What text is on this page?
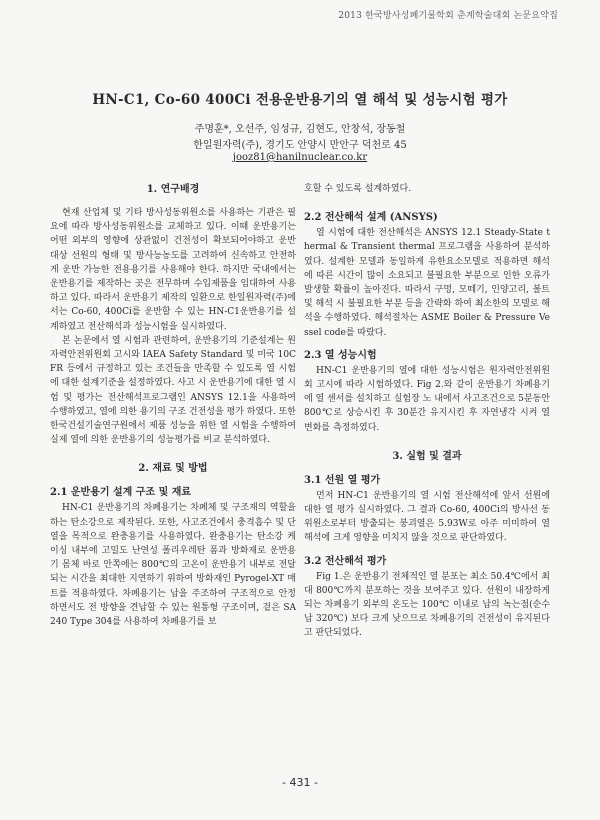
2013 한국방사성폐기물학회 춘계학술대회 논문요약집
HN-C1, Co-60 400Ci 전용운반용기의 열 해석 및 성능시험 평가
주명훈*, 오선주, 임성규, 김현도, 안창석, 장동철
한일원자력(주), 경기도 안양시 만안구 덕천로 45
jooz81@hanilnuclear.co.kr
1. 연구배경

현재 산업체 및 기타 방사성동위원소를 사용하는 기관은 필요에 따라 방사성동위원소를 교체하고 있다. 이때 운반용기는 어떤 외부의 영향에 상관없이 건전성이 확보되어야하고 운반 대상 선원의 형태 및 방사능농도를 고려하여 신속하고 안전하게 운반 가능한 전용용기를 사용해야 한다. 하지만 국내에서는 운반용기를 제작하는 곳은 전무하며 수입제품을 임대하여 사용하고 있다. 따라서 운반용기 제작의 일환으로 한일원자력(주)에서는 Co-60, 400Ci를 운반할 수 있는 HN-C1운반용기를 설계하였고 전산해석과 성능시험을 실시하였다.

본 논문에서 열 시험과 관련하여, 운반용기의 기준설계는 원자력안전위원회 고시와 IAEA Safety Standard 및 미국 10CFR 등에서 규정하고 있는 조건들을 만족할 수 있도록 열 시험에 대한 설계기준을 설정하였다. 사고 시 운반용기에 대한 열 시험 및 평가는 전산해석프로그램인 ANSYS 12.1을 사용하여 수행하였고, 열에 의한 용기의 구조 건전성을 평가 하였다. 또한 한국건설기술연구원에서 제품 성능을 위한 열 시험을 수행하여 실제 열에 의한 운반용기의 성능평가를 비교 분석하였다.

2. 재료 및 방법
2.1 운반용기 설계 구조 및 재료

HN-C1 운반용기의 차폐용기는 차폐체 및 구조재의 역할을 하는 탄소강으로 제작된다. 또한, 사고조건에서 충격흡수 및 단열을 목적으로 완충용기를 사용하였다. 완충용기는 탄소강 케이싱 내부에 고밀도 난연성 폴리우레탄 폼과 방화재로 운반용기 몸체 바로 안쪽에는 800℃의 고온이 운반용기 내부로 전달되는 시간을 최대한 지연하기 위하여 방화재인 Pyrogel-XT 매트를 적용하였다. 차폐용기는 납을 주조하여 구조적으로 안정하면서도 전 방향을 견납할 수 있는 원통형 구조이며, 겉은 SA240 Type 304를 사용하여 차폐용기를 보

호할 수 있도록 설계하였다.

2.2 전산해석 설계 (ANSYS)

열 시험에 대한 전산해석은 ANSYS 12.1 Steady-State thermal & Transient thermal 프로그램을 사용하여 분석하였다. 설계한 모델과 동일하게 유한요소모델로 적용하면 해석에 따른 시간이 많이 소요되고 불필요한 부분으로 인한 오류가 발생할 확률이 높아진다. 따라서 구멍, 모떼기, 인양고리, 볼트 및 해석 시 불필요한 부분 등을 간략화 하여 최소한의 모델로 해석을 수행하였다. 해석절차는 ASME Boiler & Pressure Vessel code를 따랐다.

2.3 열 성능시험

HN-C1 운반용기의 열에 대한 성능시험은 원자력안전위원회 고시에 따라 시험하였다. Fig 2.와 같이 운반용기 차폐용기에 열 센서를 설치하고 실험장 노 내에서 사고조건으로 5분동안 800℃로 상승시킨 후 30분간 유지시킨 후 자연냉각 시켜 열 변화를 측정하였다.

3. 실험 및 결과
3.1 선원 열 평가

먼저 HN-C1 운반용기의 열 시험 전산해석에 앞서 선원에 대한 열 평가 실시하였다. 그 결과 Co-60, 400Ci의 방사선 동위원소로부터 방출되는 붕괴열은 5.93W로 아주 미미하여 열 해석에 크게 영향을 미치지 않을 것으로 판단하였다.

3.2 전산해석 평가

Fig 1.은 운반용기 전체적인 열 분포는 최소 50.4℃에서 최대 800℃까지 분포하는 것을 보여주고 있다. 선원이 내장하게 되는 차폐용기 외부의 온도는 100℃ 이내로 납의 녹는점(순수납 320℃) 보다 크게 낮으므로 차폐용기의 건전성이 유지된다고 판단되었다.

- 431 -
